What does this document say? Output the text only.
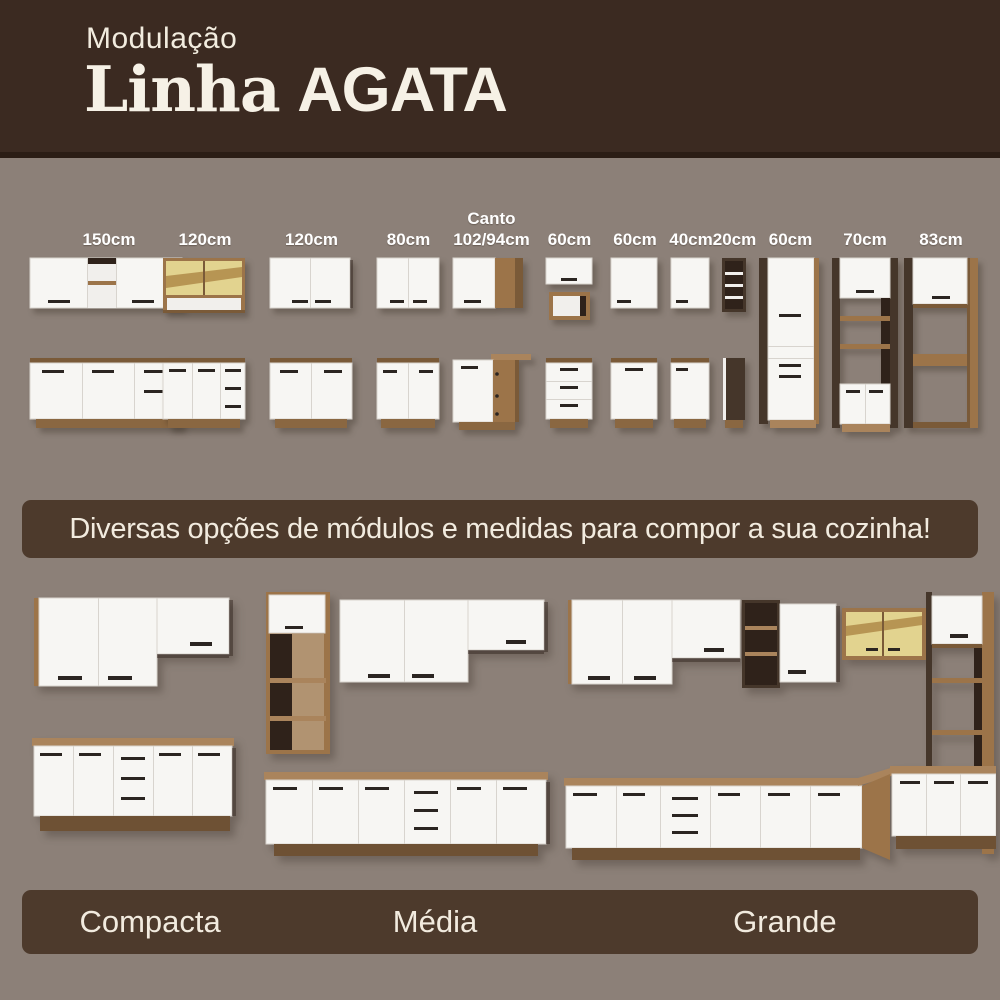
Modulação
Linha AGATA
150cm	120cm	120cm	80cm
Canto
102/94cm 60cm 60cm 40cm 20cm 60cm 70cm 83cm
Diversas opções de módulos e medidas para compor a sua cozinha!
Compacta	Média	Grande
